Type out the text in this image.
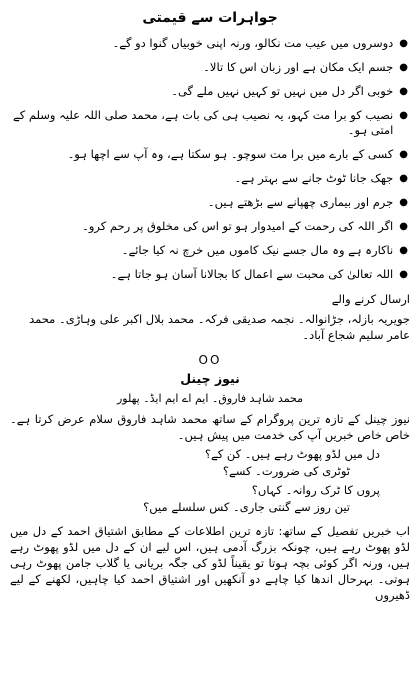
جواہرات سے قیمتی
●
دوسروں میں عیب مت نکالو، ورنہ اپنی خوبیاں گنوا دو گے۔
●
جسم ایک مکان ہے اور زبان اس کا تالا۔
●
خوبی اگر دل میں نہیں تو کہیں نہیں ملے گی۔
●
نصیب کو برا مت کہو، یہ نصیب ہی کی بات ہے، محمد صلی اللہ علیہ وسلم کے امتی ہو۔
●
کسی کے بارے میں برا مت سوچو۔ ہو سکتا ہے، وہ آپ سے اچھا ہو۔
●
جھک جانا ٹوٹ جانے سے بہتر ہے۔
●
جرم اور بیماری چھپانے سے بڑھتے ہیں۔
●
اگر اللہ کی رحمت کے امیدوار ہو تو اس کی مخلوق پر رحم کرو۔
●
ناکارہ ہے وہ مال جسے نیک کاموں میں خرچ نہ کیا جائے۔
●
اللہ تعالیٰ کی محبت سے اعمال کا بجالانا آسان ہو جاتا ہے۔
ارسال کرنے والے
جویریہ بازلہ، جڑانوالہ۔ نجمہ صدیقی فرکہ۔ محمد بلال اکبر علی وہاڑی۔ محمد عامر سلیم شجاع آباد۔
OO
نیوز چینل
محمد شاہد فاروق۔ ایم اے ایم ایڈ۔ پھلور
نیوز چینل کے تازہ ترین پروگرام کے ساتھ محمد شاہد فاروق سلام عرض کرتا ہے۔ خاص خاص خبریں آپ کی خدمت میں پیش ہیں۔
دل میں لڈو پھوٹ رہے ہیں۔ کن کے؟
ٹوٹری کی ضرورت۔ کسے؟
پروں کا ٹرک روانہ۔ کہاں؟
تین روز سے گنتی جاری۔ کس سلسلے میں؟
اب خبریں تفصیل کے ساتھ: تازہ ترین اطلاعات کے مطابق اشتیاق احمد کے دل میں لڈو پھوٹ رہے ہیں، چونکہ بزرگ آدمی ہیں، اس لیے ان کے دل میں لڈو پھوٹ رہے ہیں، ورنہ اگر کوئی بچہ ہوتا تو یقیناً لڈو کی جگہ بریانی یا گلاب جامن پھوٹ رہی ہوتی۔ بہرحال اندھا کیا چاہے دو آنکھیں اور اشتیاق احمد کیا چاہیں، لکھنے کے لیے ڈھیروں
